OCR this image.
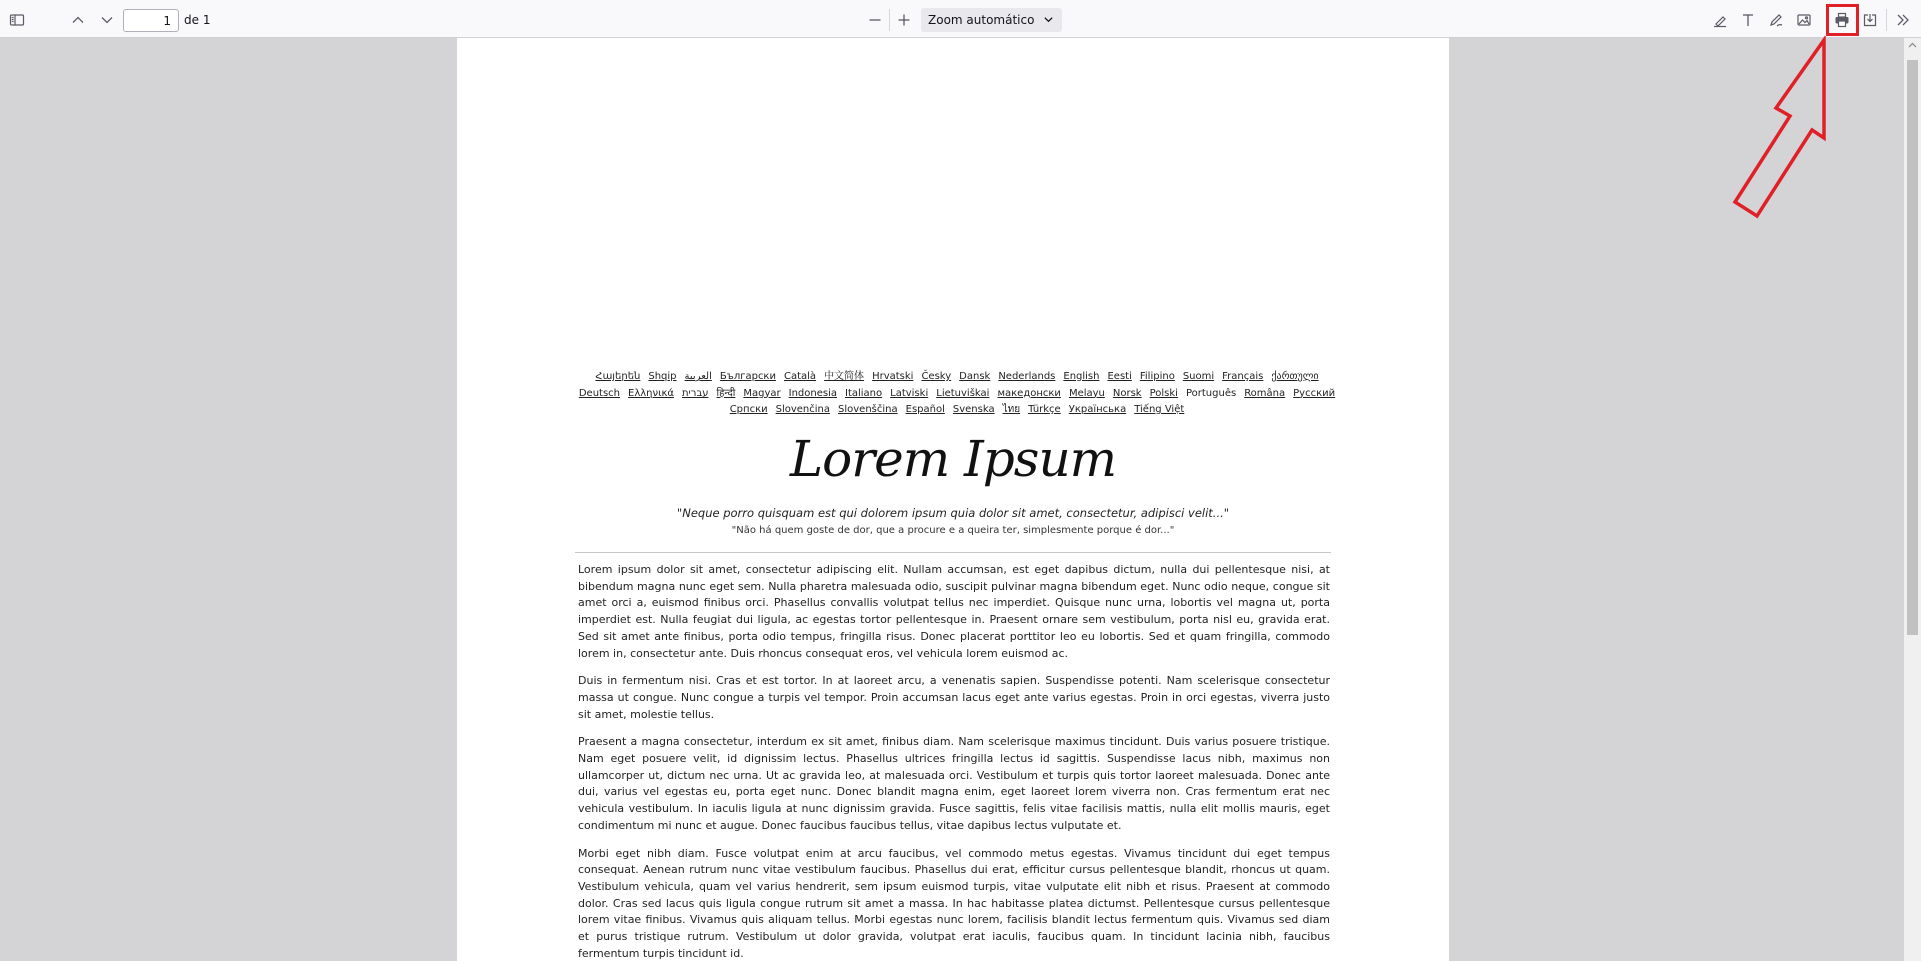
1
de 1	Zoom automático
Հայերեն Shqip العربية Български Català 中文简体 Hrvatski Česky Dansk Nederlands English Eesti Filipino Suomi Français ქართულიDeutsch Ελληνικά עברית हिन्दी Magyar Indonesia Italiano Latviski Lietuviškai македонски Melayu Norsk Polski Português Româna PyccкийСрпски Slovenčina Slovenščina Español Svenska ไทย Türkçe Українська Tiếng Việt
Lorem Ipsum
"Neque porro quisquam est qui dolorem ipsum quia dolor sit amet, consectetur, adipisci velit..."
"Não há quem goste de dor, que a procure e a queira ter, simplesmente porque é dor..."

Lorem ipsum dolor sit amet, consectetur adipiscing elit. Nullam accumsan, est eget dapibus dictum, nulla dui pellentesque nisi, at bibendum magna nunc eget sem. Nulla pharetra malesuada odio, suscipit pulvinar magna bibendum eget. Nunc odio neque, congue sit amet orci a, euismod finibus orci. Phasellus convallis volutpat tellus nec imperdiet. Quisque nunc urna, lobortis vel magna ut, porta imperdiet est. Nulla feugiat dui ligula, ac egestas tortor pellentesque in. Praesent ornare sem vestibulum, porta nisl eu, gravida erat. Sed sit amet ante finibus, porta odio tempus, fringilla risus. Donec placerat porttitor leo eu lobortis. Sed et quam fringilla, commodo lorem in, consectetur ante. Duis rhoncus consequat eros, vel vehicula lorem euismod ac.

Duis in fermentum nisi. Cras et est tortor. In at laoreet arcu, a venenatis sapien. Suspendisse potenti. Nam scelerisque consectetur massa ut congue. Nunc congue a turpis vel tempor. Proin accumsan lacus eget ante varius egestas. Proin in orci egestas, viverra justo sit amet, molestie tellus.

Praesent a magna consectetur, interdum ex sit amet, finibus diam. Nam scelerisque maximus tincidunt. Duis varius posuere tristique. Nam eget posuere velit, id dignissim lectus. Phasellus ultrices fringilla lectus id sagittis. Suspendisse lacus nibh, maximus non ullamcorper ut, dictum nec urna. Ut ac gravida leo, at malesuada orci. Vestibulum et turpis quis tortor laoreet malesuada. Donec ante dui, varius vel egestas eu, porta eget nunc. Donec blandit magna enim, eget laoreet lorem viverra non. Cras fermentum erat nec vehicula vestibulum. In iaculis ligula at nunc dignissim gravida. Fusce sagittis, felis vitae facilisis mattis, nulla elit mollis mauris, eget condimentum mi nunc et augue. Donec faucibus faucibus tellus, vitae dapibus lectus vulputate et.

Morbi eget nibh diam. Fusce volutpat enim at arcu faucibus, vel commodo metus egestas. Vivamus tincidunt dui eget tempus consequat. Aenean rutrum nunc vitae vestibulum faucibus. Phasellus dui erat, efficitur cursus pellentesque blandit, rhoncus ut quam. Vestibulum vehicula, quam vel varius hendrerit, sem ipsum euismod turpis, vitae vulputate elit nibh et risus. Praesent at commodo dolor. Cras sed lacus quis ligula congue rutrum sit amet a massa. In hac habitasse platea dictumst. Pellentesque cursus pellentesque lorem vitae finibus. Vivamus quis aliquam tellus. Morbi egestas nunc lorem, facilisis blandit lectus fermentum quis. Vivamus sed diam et purus tristique rutrum. Vestibulum ut dolor gravida, volutpat erat iaculis, faucibus quam. In tincidunt lacinia nibh, faucibus fermentum turpis tincidunt id.
